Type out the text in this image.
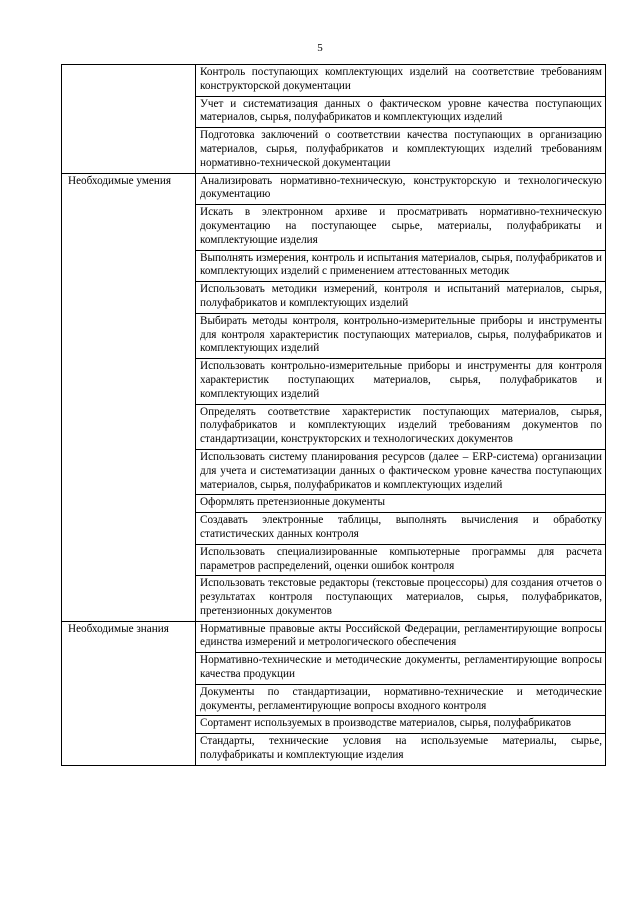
5
	Контроль поступающих комплектующих изделий на соответствие требованиям конструкторской документации
	Учет и систематизация данных о фактическом уровне качества поступающих материалов, сырья, полуфабрикатов и комплектующих изделий
	Подготовка заключений о соответствии качества поступающих в организацию материалов, сырья, полуфабрикатов и комплектующих изделий требованиям нормативно-технической документации
Необходимые умения	Анализировать нормативно-техническую, конструкторскую и технологическую документацию
	Искать в электронном архиве и просматривать нормативно-техническую документацию на поступающее сырье, материалы, полуфабрикаты и комплектующие изделия
	Выполнять измерения, контроль и испытания материалов, сырья, полуфабрикатов и комплектующих изделий с применением аттестованных методик
	Использовать методики измерений, контроля и испытаний материалов, сырья, полуфабрикатов и комплектующих изделий
	Выбирать методы контроля, контрольно-измерительные приборы и инструменты для контроля характеристик поступающих материалов, сырья, полуфабрикатов и комплектующих изделий
	Использовать контрольно-измерительные приборы и инструменты для контроля характеристик поступающих материалов, сырья, полуфабрикатов и комплектующих изделий
	Определять соответствие характеристик поступающих материалов, сырья, полуфабрикатов и комплектующих изделий требованиям документов по стандартизации, конструкторских и технологических документов
	Использовать систему планирования ресурсов (далее – ERP-система) организации для учета и систематизации данных о фактическом уровне качества поступающих материалов, сырья, полуфабрикатов и комплектующих изделий
	Оформлять претензионные документы
	Создавать электронные таблицы, выполнять вычисления и обработку статистических данных контроля
	Использовать специализированные компьютерные программы для расчета параметров распределений, оценки ошибок контроля
	Использовать текстовые редакторы (текстовые процессоры) для создания отчетов о результатах контроля поступающих материалов, сырья, полуфабрикатов, претензионных документов
Необходимые знания	Нормативные правовые акты Российской Федерации, регламентирующие вопросы единства измерений и метрологического обеспечения
	Нормативно-технические и методические документы, регламентирующие вопросы качества продукции
	Документы по стандартизации, нормативно-технические и методические документы, регламентирующие вопросы входного контроля
	Сортамент используемых в производстве материалов, сырья, полуфабрикатов
	Стандарты, технические условия на используемые материалы, сырье, полуфабрикаты и комплектующие изделия
